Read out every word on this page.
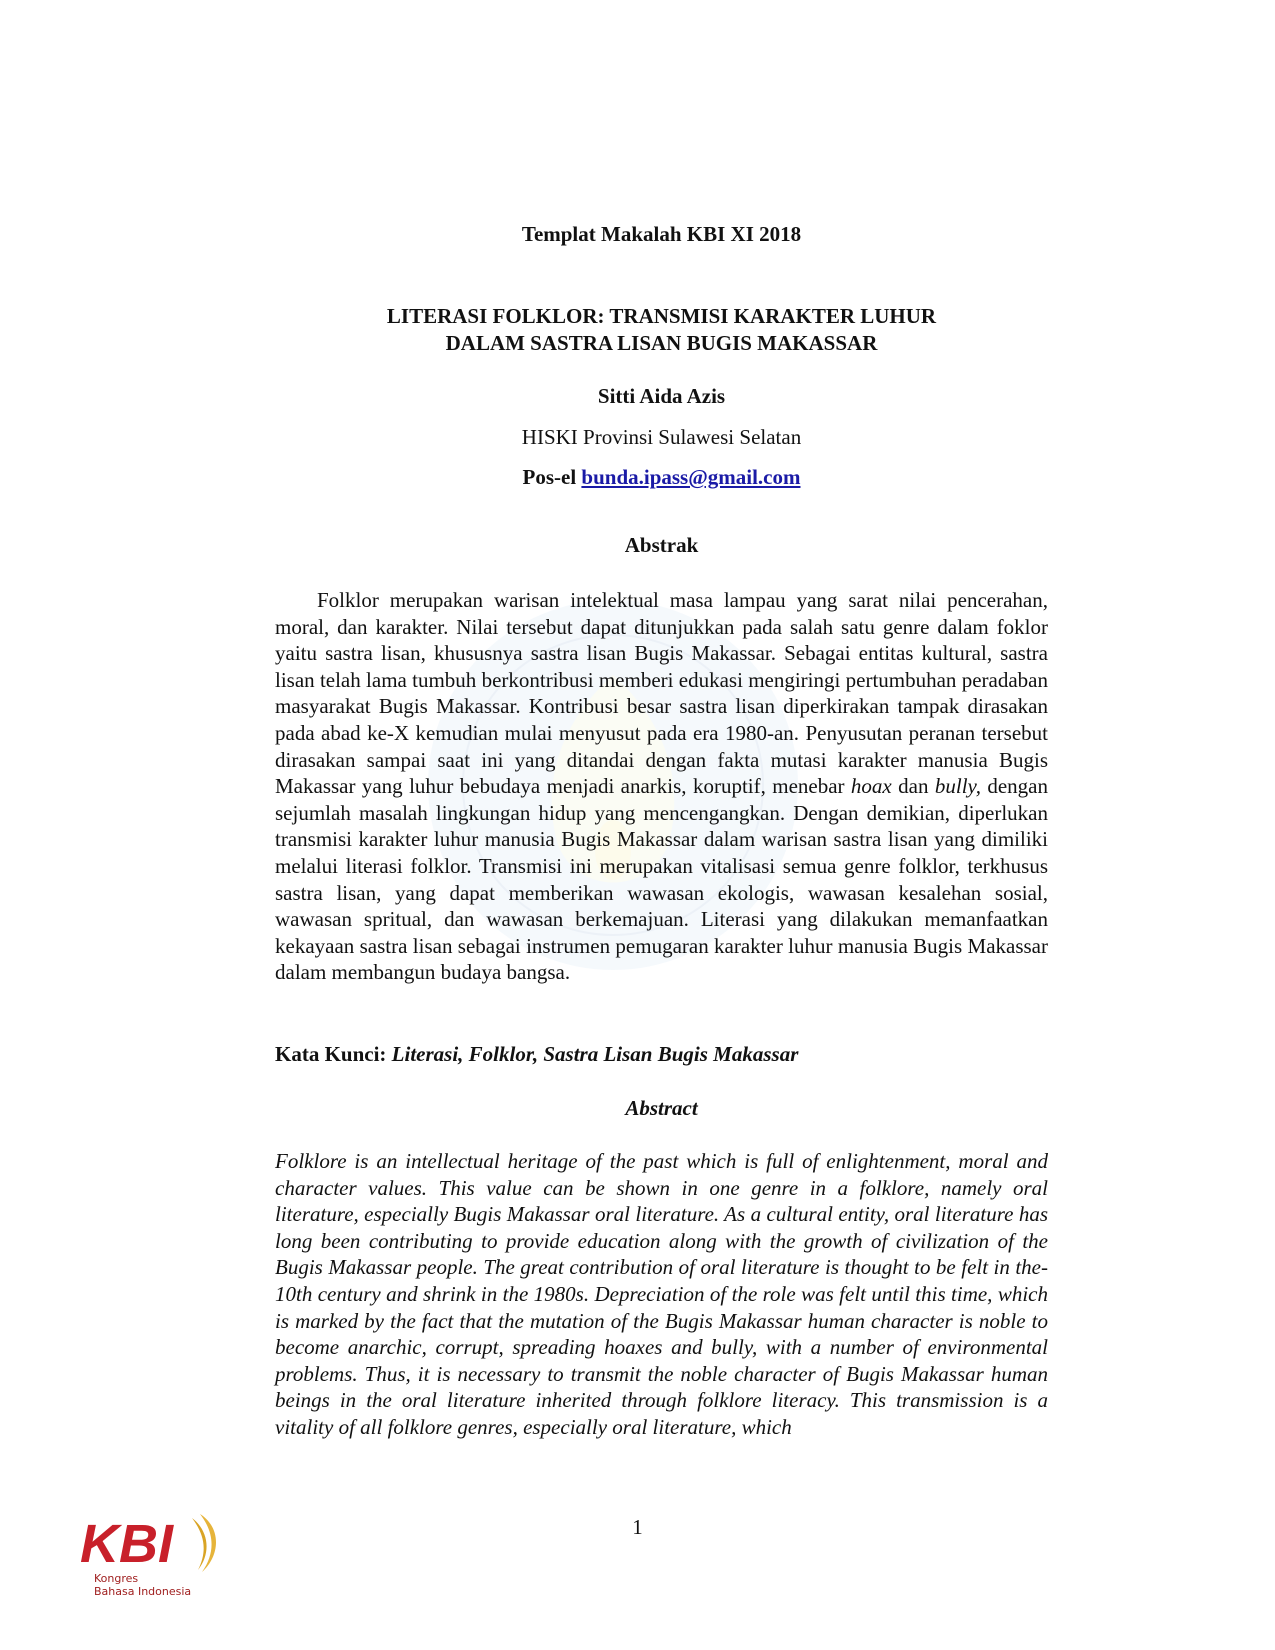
Templat Makalah KBI XI 2018
LITERASI FOLKLOR: TRANSMISI KARAKTER LUHUR
DALAM SASTRA LISAN BUGIS MAKASSAR
Sitti Aida Azis
HISKI Provinsi Sulawesi Selatan
Pos-el bunda.ipass@gmail.com
Abstrak
Folklor merupakan warisan intelektual masa lampau yang sarat nilai pencerahan, moral, dan karakter. Nilai tersebut dapat ditunjukkan pada salah satu genre dalam foklor yaitu sastra lisan, khususnya sastra lisan Bugis Makassar. Sebagai entitas kultural, sastra lisan telah lama tumbuh berkontribusi memberi edukasi mengiringi pertumbuhan peradaban masyarakat Bugis Makassar. Kontribusi besar sastra lisan diperkirakan tampak dirasakan pada abad ke-X kemudian mulai menyusut pada era 1980-an. Penyusutan peranan tersebut dirasakan sampai saat ini yang ditandai dengan fakta mutasi karakter manusia Bugis Makassar yang luhur bebudaya menjadi anarkis, koruptif, menebar hoax dan bully, dengan sejumlah masalah lingkungan hidup yang mencengangkan. Dengan demikian, diperlukan transmisi karakter luhur manusia Bugis Makassar dalam warisan sastra lisan yang dimiliki melalui literasi folklor. Transmisi ini merupakan vitalisasi semua genre folklor, terkhusus sastra lisan, yang dapat memberikan wawasan ekologis, wawasan kesalehan sosial, wawasan spritual, dan wawasan berkemajuan. Literasi yang dilakukan memanfaatkan kekayaan sastra lisan sebagai instrumen pemugaran karakter luhur manusia Bugis Makassar dalam membangun budaya bangsa.
Kata Kunci: Literasi, Folklor, Sastra Lisan Bugis Makassar
Abstract
Folklore is an intellectual heritage of the past which is full of enlightenment, moral and character values. This value can be shown in one genre in a folklore, namely oral literature, especially Bugis Makassar oral literature. As a cultural entity, oral literature has long been contributing to provide education along with the growth of civilization of the Bugis Makassar people. The great contribution of oral literature is thought to be felt in the-10th century and shrink in the 1980s. Depreciation of the role was felt until this time, which is marked by the fact that the mutation of the Bugis Makassar human character is noble to become anarchic, corrupt, spreading hoaxes and bully, with a number of environmental problems. Thus, it is necessary to transmit the noble character of Bugis Makassar human beings in the oral literature inherited through folklore literacy. This transmission is a vitality of all folklore genres, especially oral literature, which
1
KBI
Kongres
Bahasa Indonesia
